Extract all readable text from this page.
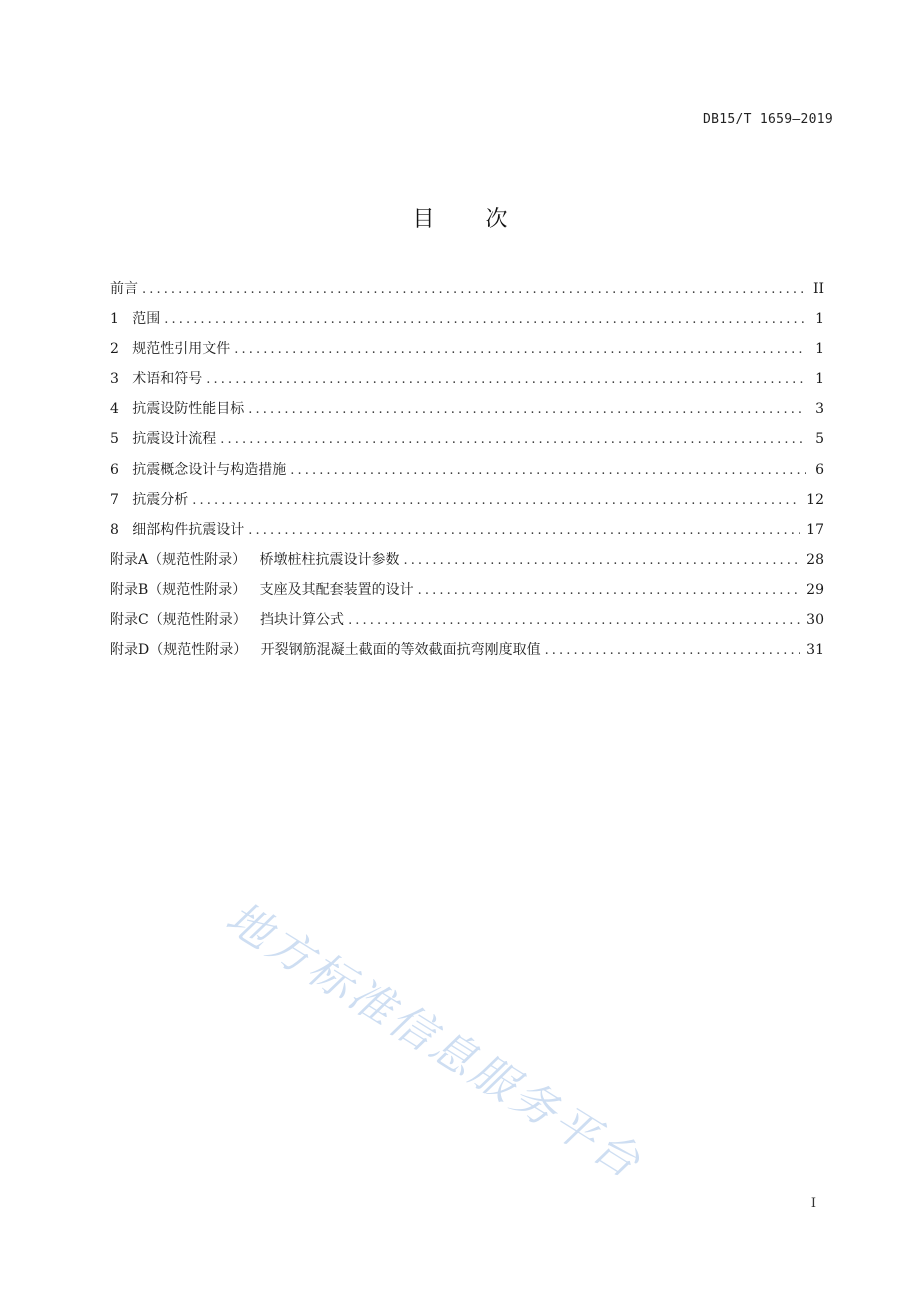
DB15/T 1659—2019
目 次
前言 .....	II
1   范围 .....	1
2   规范性引用文件 .....	1
3   术语和符号 .....	1
4   抗震设防性能目标 .....	3
5   抗震设计流程 .....	5
6   抗震概念设计与构造措施 .....	6
7   抗震分析 .....	12
8   细部构件抗震设计 .....	17
附录A（规范性附录）   桥墩桩柱抗震设计参数 .....	28
附录B（规范性附录）   支座及其配套装置的设计 .....	29
附录C（规范性附录）   挡块计算公式 .....	30
附录D（规范性附录）   开裂钢筋混凝土截面的等效截面抗弯刚度取值 .....	31
地方标准信息服务平台
I
